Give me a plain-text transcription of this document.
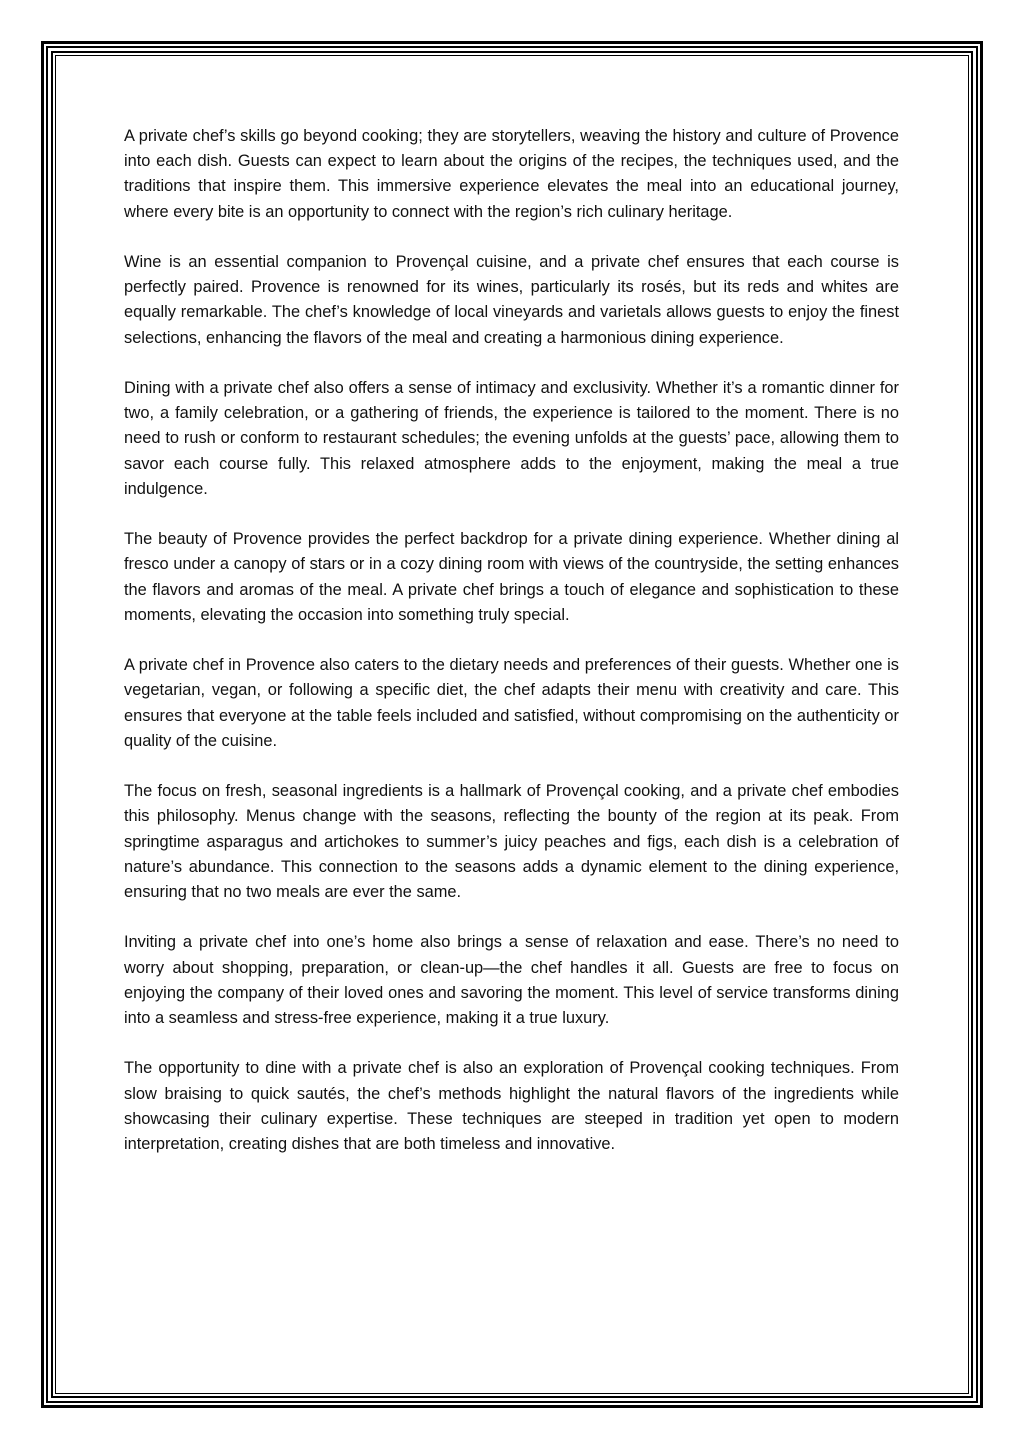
A private chef’s skills go beyond cooking; they are storytellers, weaving the history and culture of Provence into each dish. Guests can expect to learn about the origins of the recipes, the techniques used, and the traditions that inspire them. This immersive experience elevates the meal into an educational journey, where every bite is an opportunity to connect with the region’s rich culinary heritage.

Wine is an essential companion to Provençal cuisine, and a private chef ensures that each course is perfectly paired. Provence is renowned for its wines, particularly its rosés, but its reds and whites are equally remarkable. The chef’s knowledge of local vineyards and varietals allows guests to enjoy the finest selections, enhancing the flavors of the meal and creating a harmonious dining experience.

Dining with a private chef also offers a sense of intimacy and exclusivity. Whether it’s a romantic dinner for two, a family celebration, or a gathering of friends, the experience is tailored to the moment. There is no need to rush or conform to restaurant schedules; the evening unfolds at the guests’ pace, allowing them to savor each course fully. This relaxed atmosphere adds to the enjoyment, making the meal a true indulgence.

The beauty of Provence provides the perfect backdrop for a private dining experience. Whether dining al fresco under a canopy of stars or in a cozy dining room with views of the countryside, the setting enhances the flavors and aromas of the meal. A private chef brings a touch of elegance and sophistication to these moments, elevating the occasion into something truly special.

A private chef in Provence also caters to the dietary needs and preferences of their guests. Whether one is vegetarian, vegan, or following a specific diet, the chef adapts their menu with creativity and care. This ensures that everyone at the table feels included and satisfied, without compromising on the authenticity or quality of the cuisine.

The focus on fresh, seasonal ingredients is a hallmark of Provençal cooking, and a private chef embodies this philosophy. Menus change with the seasons, reflecting the bounty of the region at its peak. From springtime asparagus and artichokes to summer’s juicy peaches and figs, each dish is a celebration of nature’s abundance. This connection to the seasons adds a dynamic element to the dining experience, ensuring that no two meals are ever the same.

Inviting a private chef into one’s home also brings a sense of relaxation and ease. There’s no need to worry about shopping, preparation, or clean-up—the chef handles it all. Guests are free to focus on enjoying the company of their loved ones and savoring the moment. This level of service transforms dining into a seamless and stress-free experience, making it a true luxury.

The opportunity to dine with a private chef is also an exploration of Provençal cooking techniques. From slow braising to quick sautés, the chef’s methods highlight the natural flavors of the ingredients while showcasing their culinary expertise. These techniques are steeped in tradition yet open to modern interpretation, creating dishes that are both timeless and innovative.
